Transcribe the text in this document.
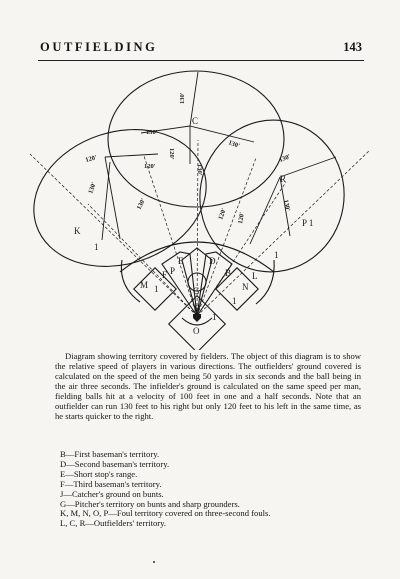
OUTFIELDING	143
C
R
K
L
P	B
D
E
F
G
J
M	N
O
1
1
1
1
1
P 1
130'
130'
120'
130'
120'
130'
120'
130'
130'
130'
130'
120'
120'

Diagram showing territory covered by fielders. The object of this diagram is to show the relative speed of players in various directions. The outfielders' ground covered is calculated on the speed of the men being 50 yards in six seconds and the ball being in the air three seconds. The infielder's ground is calculated on the same speed per man, fielding balls hit at a velocity of 100 feet in one and a half seconds. Note that an outfielder can run 130 feet to his right but only 120 feet to his left in the same time, as he starts quicker to the right.

B—First baseman's territory.
D—Second baseman's territory.
E—Short stop's range.
F—Third baseman's territory.
J—Catcher's ground on bunts.
G—Pitcher's territory on bunts and sharp grounders.
K, M, N, O, P—Foul territory covered on three-second fouls.
L, C, R—Outfielders' territory.
